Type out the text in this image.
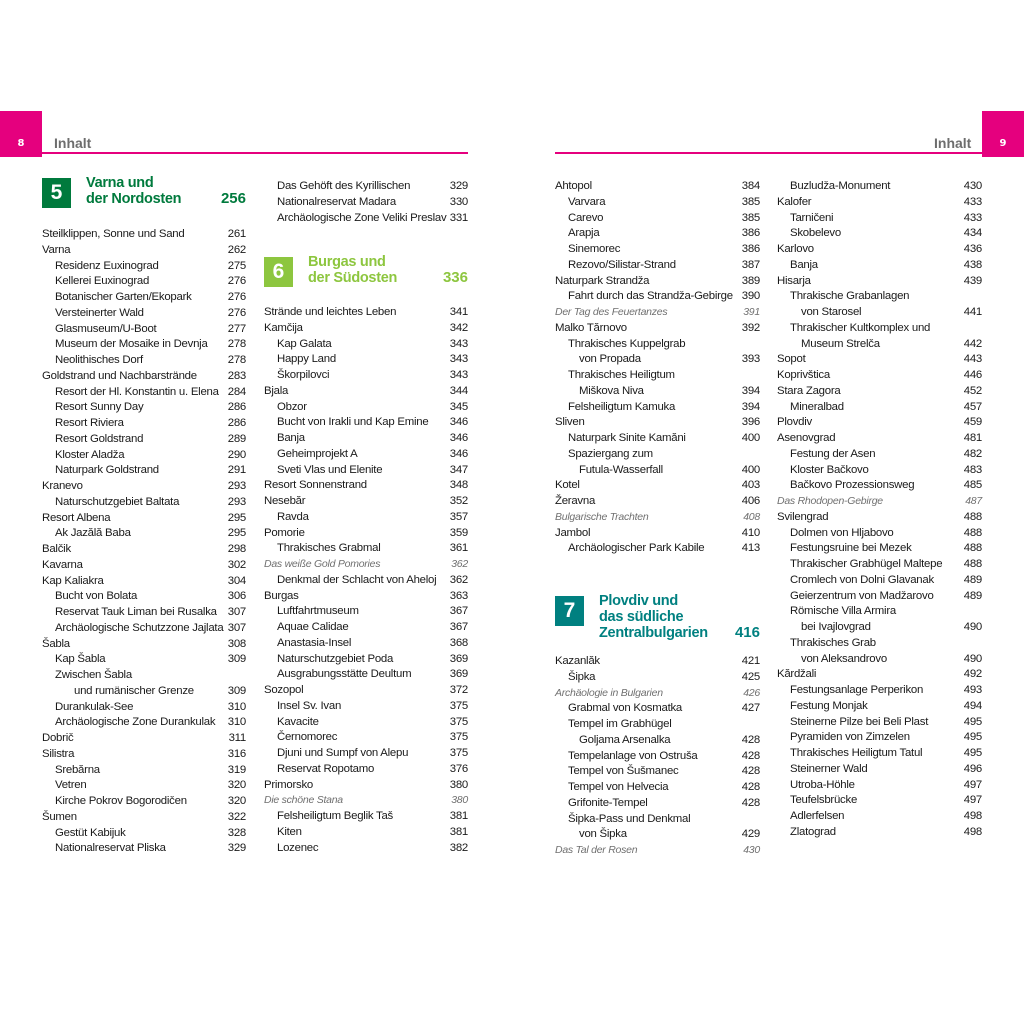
8	9
Inhalt	Inhalt
5	Varna und
der Nordosten	256
Steilklippen, Sonne und Sand	261
Varna	262
Residenz Euxinograd	275
Kellerei Euxinograd	276
Botanischer Garten/Ekopark	276
Versteinerter Wald	276
Glasmuseum/U-Boot	277
Museum der Mosaike in Devnja 278
Neolithisches Dorf	278
Goldstrand und Nachbarstrände	283
Resort der Hl. Konstantin u. Elena 284
Resort Sunny Day	286
Resort Riviera	286
Resort Goldstrand	289
Kloster Aladža	290
Naturpark Goldstrand	291
Kranevo	293
Naturschutzgebiet Baltata	293
Resort Albena	295
Ak Jazălă Baba	295
Balčik	298
Kavarna	302
Kap Kaliakra	304
Bucht von Bolata	306
Reservat Tauk Liman bei Rusalka 307
Archäologische Schutzzone Jajlata 307
Šabla	308
Kap Šabla	309
Zwischen Šabla
und rumänischer Grenze	309
Durankulak-See	310
Archäologische Zone Durankulak 310
Dobrič	311
Silistra	316
Srebărna	319
Vetren	320
Kirche Pokrov Bogorodičen	320
Šumen	322
Gestüt Kabijuk	328
Nationalreservat Pliska	329
Das Gehöft des Kyrillischen	329
Nationalreservat Madara	330
Archäologische Zone Veliki Preslav 331
6	Burgas und
der Südosten	336
Strände und leichtes Leben	341
Kamčija	342
Kap Galata	343
Happy Land	343
Škorpilovci	343
Bjala	344
Obzor	345
Bucht von Irakli und Kap Emine 346
Banja	346
Geheimprojekt A	346
Sveti Vlas und Elenite	347
Resort Sonnenstrand	348
Nesebăr	352
Ravda	357
Pomorie	359
Thrakisches Grabmal	361
Das weiße Gold Pomories	362
Denkmal der Schlacht von Aheloj 362
Burgas	363
Luftfahrtmuseum	367
Aquae Calidae	367
Anastasia-Insel	368
Naturschutzgebiet Poda	369
Ausgrabungsstätte Deultum	369
Sozopol	372
Insel Sv. Ivan	375
Kavacite	375
Černomorec	375
Djuni und Sumpf von Alepu	375
Reservat Ropotamo	376
Primorsko	380
Die schöne Stana	380
Felsheiligtum Beglik Taš	381
Kiten	381
Lozenec	382
Ahtopol	384
Varvara	385
Carevo	385
Arapja	386
Sinemorec	386
Rezovo/Silistar-Strand	387
Naturpark Strandža	389
Fahrt durch das Strandža-Gebirge 390
Der Tag des Feuertanzes	391
Malko Tărnovo	392
Thrakisches Kuppelgrab
von Propada	393
Thrakisches Heiligtum
Miškova Niva	394
Felsheiligtum Kamuka	394
Sliven	396
Naturpark Sinite Kamăni	400
Spaziergang zum
Futula-Wasserfall	400
Kotel	403
Žeravna	406
Bulgarische Trachten	408
Jambol	410
Archäologischer Park Kabile	413
7	Plovdiv und
das südliche
Zentralbulgarien 416
Kazanlăk	421
Šipka	425
Archäologie in Bulgarien	426
Grabmal von Kosmatka	427
Tempel im Grabhügel
Goljama Arsenalka	428
Tempelanlage von Ostruša	428
Tempel von Šušmanec	428
Tempel von Helvecia	428
Grifonite-Tempel	428
Šipka-Pass und Denkmal
von Šipka	429
Das Tal der Rosen	430
Buzludža-Monument	430
Kalofer	433
Tarničeni	433
Skobelevo	434
Karlovo	436
Banja	438
Hisarja	439
Thrakische Grabanlagen
von Starosel	441
Thrakischer Kultkomplex und
Museum Strelča	442
Sopot	443
Koprivštica	446
Stara Zagora	452
Mineralbad	457
Plovdiv	459
Asenovgrad	481
Festung der Asen	482
Kloster Bačkovo	483
Bačkovo Prozessionsweg	485
Das Rhodopen-Gebirge	487
Svilengrad	488
Dolmen von Hljabovo	488
Festungsruine bei Mezek	488
Thrakischer Grabhügel Maltepe 488
Cromlech von Dolni Glavanak	489
Geierzentrum von Madžarovo	489
Römische Villa Armira
bei Ivajlovgrad	490
Thrakisches Grab
von Aleksandrovo	490
Kărdžali	492
Festungsanlage Perperikon	493
Festung Monjak	494
Steinerne Pilze bei Beli Plast	495
Pyramiden von Zimzelen	495
Thrakisches Heiligtum Tatul	495
Steinerner Wald	496
Utroba-Höhle	497
Teufelsbrücke	497
Adlerfelsen	498
Zlatograd	498
